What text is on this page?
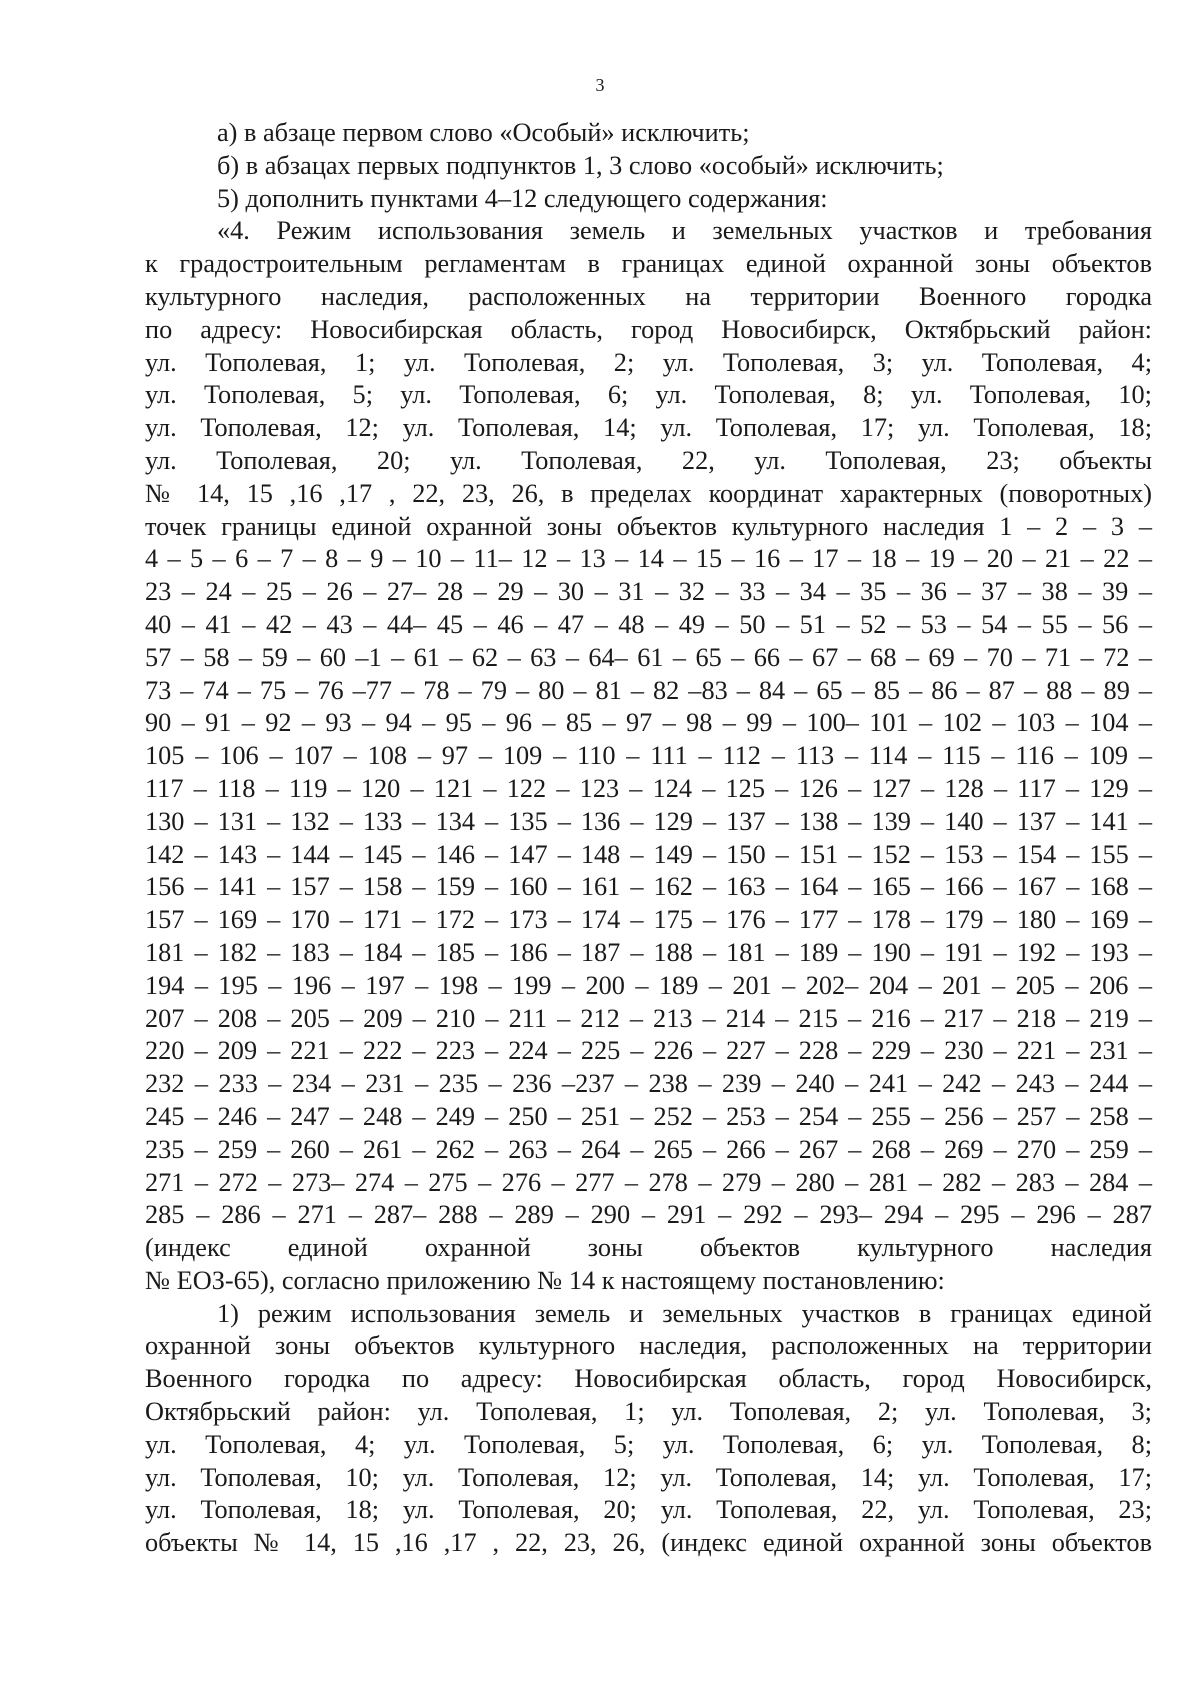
3
а) в абзаце первом слово «Особый» исключить;
б) в абзацах первых подпунктов 1, 3 слово «особый» исключить;
5) дополнить пунктами 4–12 следующего содержания:
«4. Режим использования земель и земельных участков и требования
к градостроительным регламентам в границах единой охранной зоны объектов
культурного наследия, расположенных на территории Военного городка
по адресу: Новосибирская область, город Новосибирск, Октябрьский район:
ул. Тополевая, 1; ул. Тополевая, 2; ул. Тополевая, 3; ул. Тополевая, 4;
ул. Тополевая, 5; ул. Тополевая, 6; ул. Тополевая, 8; ул. Тополевая, 10;
ул. Тополевая, 12; ул. Тополевая, 14; ул. Тополевая, 17; ул. Тополевая, 18;
ул. Тополевая, 20; ул. Тополевая, 22, ул. Тополевая, 23; объекты
№ 14, 15 ,16 ,17 , 22, 23, 26, в пределах координат характерных (поворотных)
точек границы единой охранной зоны объектов культурного наследия 1 – 2 – 3 –
4 – 5 – 6 – 7 – 8 – 9 – 10 – 11– 12 – 13 – 14 – 15 – 16 – 17 – 18 – 19 – 20 – 21 – 22 –
23 – 24 – 25 – 26 – 27– 28 – 29 – 30 – 31 – 32 – 33 – 34 – 35 – 36 – 37 – 38 – 39 –
40 – 41 – 42 – 43 – 44– 45 – 46 – 47 – 48 – 49 – 50 – 51 – 52 – 53 – 54 – 55 – 56 –
57 – 58 – 59 – 60 –1 – 61 – 62 – 63 – 64– 61 – 65 – 66 – 67 – 68 – 69 – 70 – 71 – 72 –
73 – 74 – 75 – 76 –77 – 78 – 79 – 80 – 81 – 82 –83 – 84 – 65 – 85 – 86 – 87 – 88 – 89 –
90 – 91 – 92 – 93 – 94 – 95 – 96 – 85 – 97 – 98 – 99 – 100– 101 – 102 – 103 – 104 –
105 – 106 – 107 – 108 – 97 – 109 – 110 – 111 – 112 – 113 – 114 – 115 – 116 – 109 –
117 – 118 – 119 – 120 – 121 – 122 – 123 – 124 – 125 – 126 – 127 – 128 – 117 – 129 –
130 – 131 – 132 – 133 – 134 – 135 – 136 – 129 – 137 – 138 – 139 – 140 – 137 – 141 –
142 – 143 – 144 – 145 – 146 – 147 – 148 – 149 – 150 – 151 – 152 – 153 – 154 – 155 –
156 – 141 – 157 – 158 – 159 – 160 – 161 – 162 – 163 – 164 – 165 – 166 – 167 – 168 –
157 – 169 – 170 – 171 – 172 – 173 – 174 – 175 – 176 – 177 – 178 – 179 – 180 – 169 –
181 – 182 – 183 – 184 – 185 – 186 – 187 – 188 – 181 – 189 – 190 – 191 – 192 – 193 –
194 – 195 – 196 – 197 – 198 – 199 – 200 – 189 – 201 – 202– 204 – 201 – 205 – 206 –
207 – 208 – 205 – 209 – 210 – 211 – 212 – 213 – 214 – 215 – 216 – 217 – 218 – 219 –
220 – 209 – 221 – 222 – 223 – 224 – 225 – 226 – 227 – 228 – 229 – 230 – 221 – 231 –
232 – 233 – 234 – 231 – 235 – 236 –237 – 238 – 239 – 240 – 241 – 242 – 243 – 244 –
245 – 246 – 247 – 248 – 249 – 250 – 251 – 252 – 253 – 254 – 255 – 256 – 257 – 258 –
235 – 259 – 260 – 261 – 262 – 263 – 264 – 265 – 266 – 267 – 268 – 269 – 270 – 259 –
271 – 272 – 273– 274 – 275 – 276 – 277 – 278 – 279 – 280 – 281 – 282 – 283 – 284 –
285 – 286 – 271 – 287– 288 – 289 – 290 – 291 – 292 – 293– 294 – 295 – 296 – 287
(индекс единой охранной зоны объектов культурного наследия
№ ЕОЗ-65), согласно приложению № 14 к настоящему постановлению:
1) режим использования земель и земельных участков в границах единой
охранной зоны объектов культурного наследия, расположенных на территории
Военного городка по адресу: Новосибирская область, город Новосибирск,
Октябрьский район: ул. Тополевая, 1; ул. Тополевая, 2; ул. Тополевая, 3;
ул. Тополевая, 4; ул. Тополевая, 5; ул. Тополевая, 6; ул. Тополевая, 8;
ул. Тополевая, 10; ул. Тополевая, 12; ул. Тополевая, 14; ул. Тополевая, 17;
ул. Тополевая, 18; ул. Тополевая, 20; ул. Тополевая, 22, ул. Тополевая, 23;
объекты № 14, 15 ,16 ,17 , 22, 23, 26, (индекс единой охранной зоны объектов
